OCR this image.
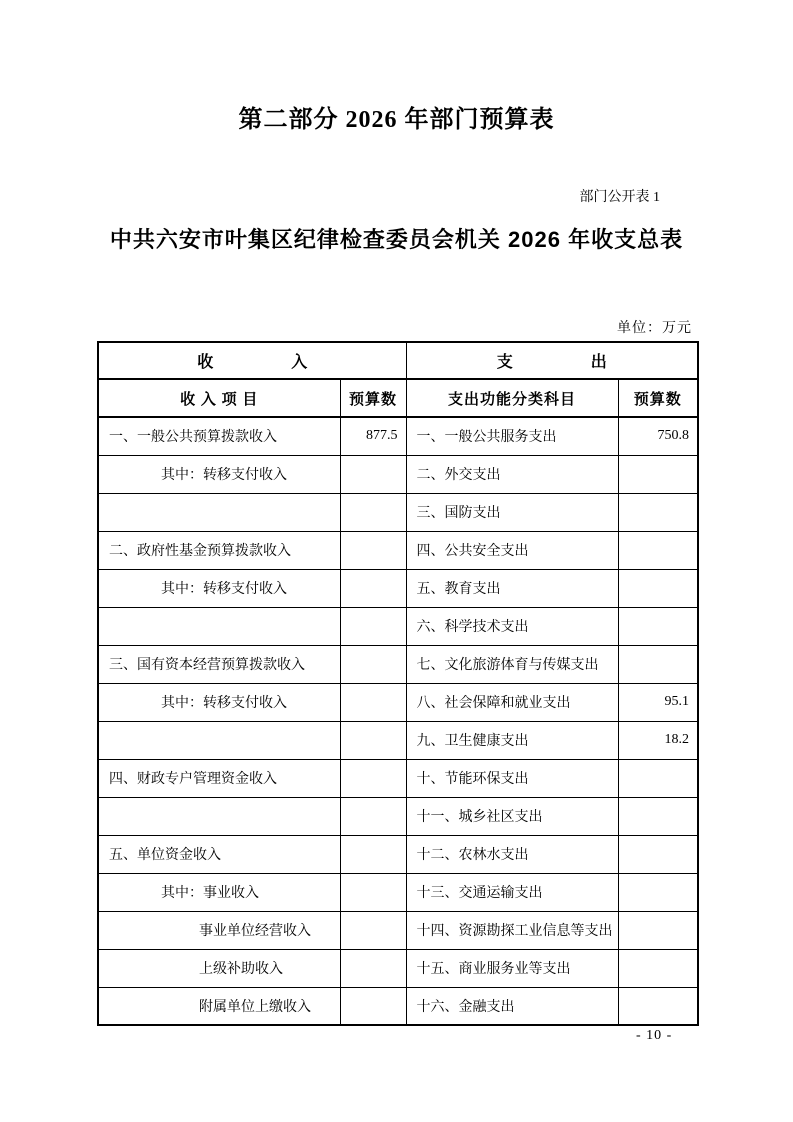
第二部分 2026 年部门预算表
部门公开表 1
中共六安市叶集区纪律检查委员会机关 2026 年收支总表
单位：万元
收入		支出	
收 入 项 目	预算数	支出功能分类科目	预算数
一、一般公共预算拨款收入	877.5	一、一般公共服务支出	750.8
其中：转移支付收入		二、外交支出	
		三、国防支出	
二、政府性基金预算拨款收入		四、公共安全支出	
其中：转移支付收入		五、教育支出	
		六、科学技术支出	
三、国有资本经营预算拨款收入		七、文化旅游体育与传媒支出	
其中：转移支付收入		八、社会保障和就业支出	95.1
		九、卫生健康支出	18.2
四、财政专户管理资金收入		十、节能环保支出	
		十一、城乡社区支出	
五、单位资金收入		十二、农林水支出	
其中：事业收入		十三、交通运输支出	
事业单位经营收入		十四、资源勘探工业信息等支出	
上级补助收入		十五、商业服务业等支出	
附属单位上缴收入		十六、金融支出	
- 10 -
